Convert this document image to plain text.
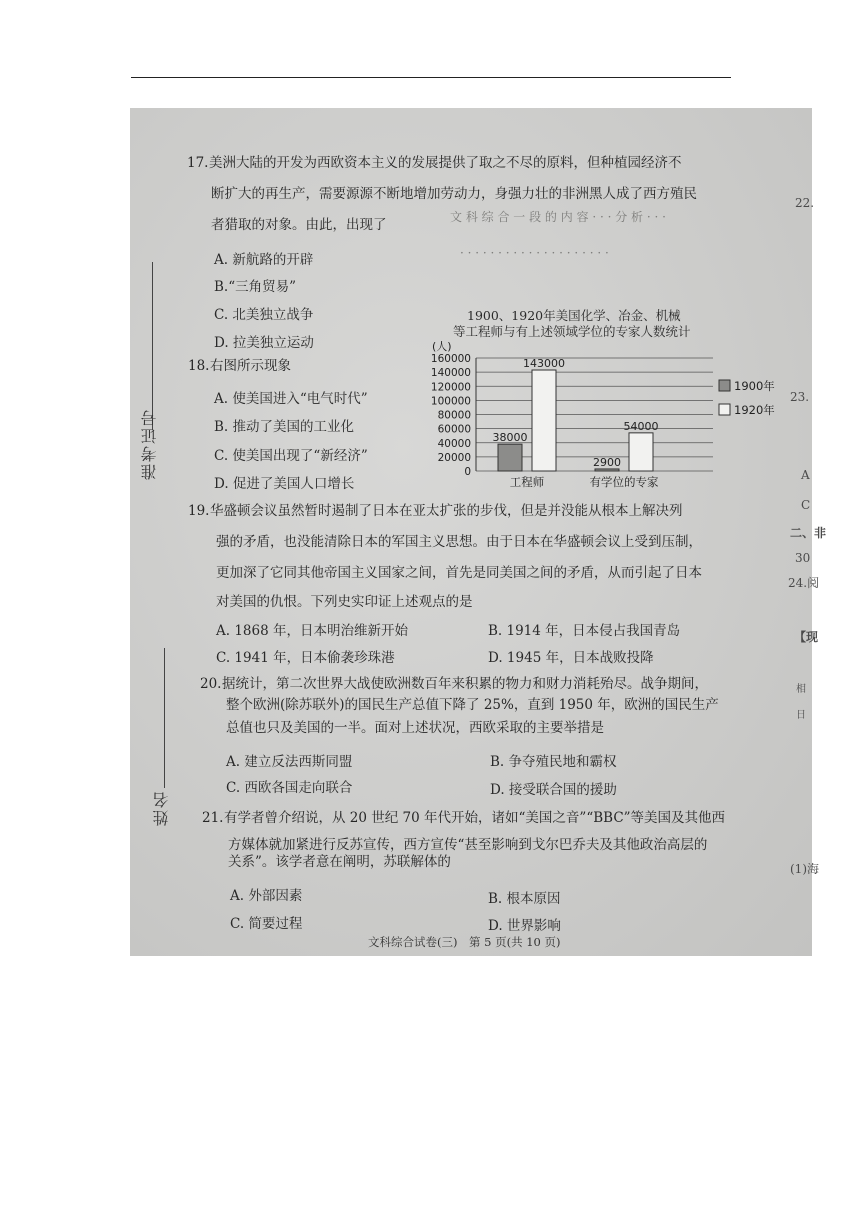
文 科 综 合 一 段 的 内 容 · · · 分 析 · · ·
· · · · · · · · · · · · · · · · · · · ·
22.
23.
A
C
二、非
30
24.阅
【现
相
日
(1)海
准考证号
姓名
17. 美洲大陆的开发为西欧资本主义的发展提供了取之不尽的原料，但种植园经济不
断扩大的再生产，需要源源不断地增加劳动力，身强力壮的非洲黑人成了西方殖民
者猎取的对象。由此，出现了
A. 新航路的开辟
B.“三角贸易”
C. 北美独立战争
D. 拉美独立运动
18. 右图所示现象
A. 使美国进入“电气时代”
B. 推动了美国的工业化
C. 使美国出现了“新经济”
D. 促进了美国人口增长
1900、1920年美国化学、冶金、机械
等工程师与有上述领域学位的专家人数统计
(人)
0
20000
40000
60000
80000
100000
120000
140000
160000
38000
143000
工程师
2900
54000
有学位的专家
1900年
1920年
19. 华盛顿会议虽然暂时遏制了日本在亚太扩张的步伐，但是并没能从根本上解决列
强的矛盾，也没能清除日本的军国主义思想。由于日本在华盛顿会议上受到压制，
更加深了它同其他帝国主义国家之间，首先是同美国之间的矛盾，从而引起了日本
对美国的仇恨。下列史实印证上述观点的是
A. 1868 年，日本明治维新开始	B. 1914 年，日本侵占我国青岛
C. 1941 年，日本偷袭珍珠港	D. 1945 年，日本战败投降
20. 据统计，第二次世界大战使欧洲数百年来积累的物力和财力消耗殆尽。战争期间，
整个欧洲(除苏联外)的国民生产总值下降了 25%，直到 1950 年，欧洲的国民生产
总值也只及美国的一半。面对上述状况，西欧采取的主要举措是
A. 建立反法西斯同盟	B. 争夺殖民地和霸权
C. 西欧各国走向联合	D. 接受联合国的援助
21. 有学者曾介绍说，从 20 世纪 70 年代开始，诸如“美国之音”“BBC”等美国及其他西
方媒体就加紧进行反苏宣传，西方宣传“甚至影响到戈尔巴乔夫及其他政治高层的
关系”。该学者意在阐明，苏联解体的
A. 外部因素	B. 根本原因
C. 简要过程	D. 世界影响
文科综合试卷(三)　第 5 页(共 10 页)
